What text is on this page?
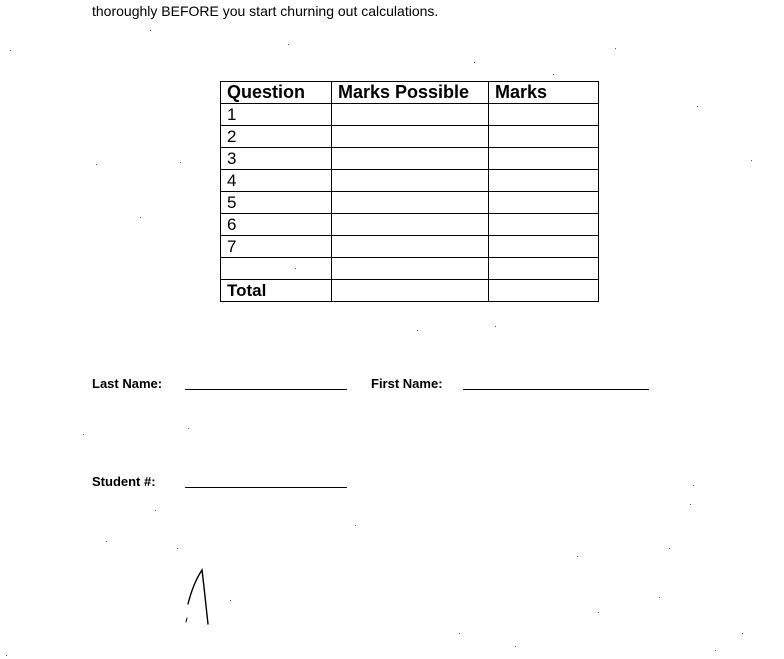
thoroughly BEFORE you start churning out calculations.
Question	Marks Possible	Marks
1		
2		
3		
4		
5		
6		
7		

Total		
Last Name:	First Name:
Student #:
